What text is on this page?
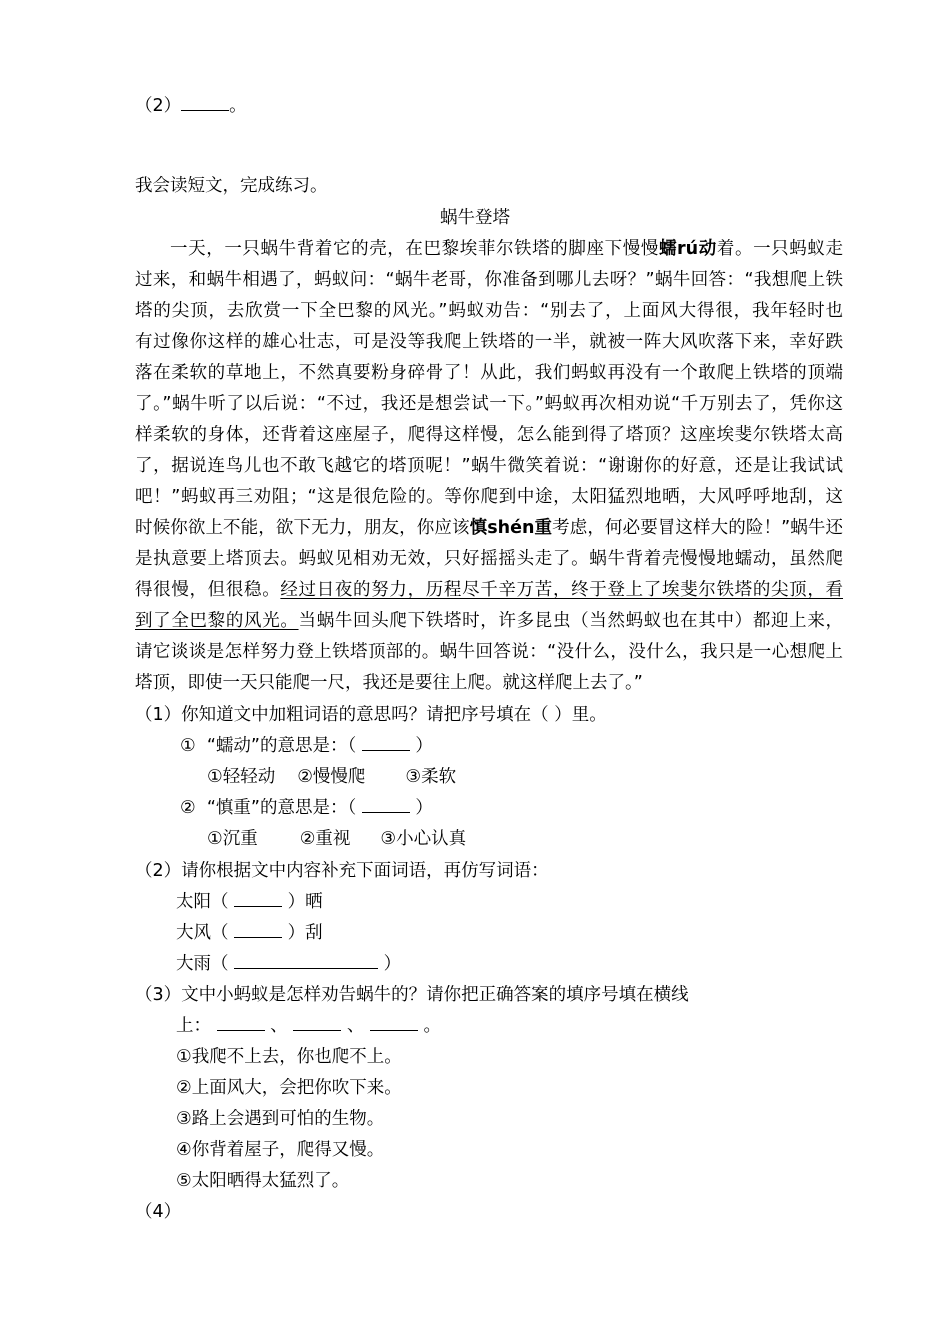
（2）	。
我会读短文，完成练习。
蜗牛登塔
一天，一只蜗牛背着它的壳，在巴黎埃菲尔铁塔的脚座下慢慢蠕rú动着。一只蚂蚁走
过来，和蜗牛相遇了，蚂蚁问：“蜗牛老哥，你准备到哪儿去呀？”蜗牛回答：“我想爬上铁
塔的尖顶，去欣赏一下全巴黎的风光。”蚂蚁劝告：“别去了，上面风大得很，我年轻时也
有过像你这样的雄心壮志，可是没等我爬上铁塔的一半，就被一阵大风吹落下来，幸好跌
落在柔软的草地上，不然真要粉身碎骨了！从此，我们蚂蚁再没有一个敢爬上铁塔的顶端
了。”蜗牛听了以后说：“不过，我还是想尝试一下。”蚂蚁再次相劝说“千万别去了，凭你这
样柔软的身体，还背着这座屋子，爬得这样慢，怎么能到得了塔顶？这座埃斐尔铁塔太高
了，据说连鸟儿也不敢飞越它的塔顶呢！”蜗牛微笑着说：“谢谢你的好意，还是让我试试
吧！”蚂蚁再三劝阻；“这是很危险的。等你爬到中途，太阳猛烈地晒，大风呼呼地刮，这
时候你欲上不能，欲下无力，朋友，你应该慎shén重考虑，何必要冒这样大的险！”蜗牛还
是执意要上塔顶去。蚂蚁见相劝无效，只好摇摇头走了。蜗牛背着壳慢慢地蠕动，虽然爬
得很慢，但很稳。经过日夜的努力，历程尽千辛万苦，终于登上了埃斐尔铁塔的尖顶，看
到了全巴黎的风光。当蜗牛回头爬下铁塔时，许多昆虫（当然蚂蚁也在其中）都迎上来，
请它谈谈是怎样努力登上铁塔顶部的。蜗牛回答说：“没什么，没什么，我只是一心想爬上
塔顶，即使一天只能爬一尺，我还是要往上爬。就这样爬上去了。”
（1）你知道文中加粗词语的意思吗？请把序号填在（ ）里。
① “蠕动”的意思是：（	）
①轻轻动 ②慢慢爬 ③柔软
② “慎重”的意思是：（	）
①沉重 ②重视 ③小心认真
（2）请你根据文中内容补充下面词语，再仿写词语：
太阳（	）晒
大风（	）刮
大雨（	）
（3）文中小蚂蚁是怎样劝告蜗牛的？请你把正确答案的填序号填在横线
上：	、	、	。
①我爬不上去，你也爬不上。
②上面风大，会把你吹下来。
③路上会遇到可怕的生物。
④你背着屋子，爬得又慢。
⑤太阳晒得太猛烈了。
（4）
